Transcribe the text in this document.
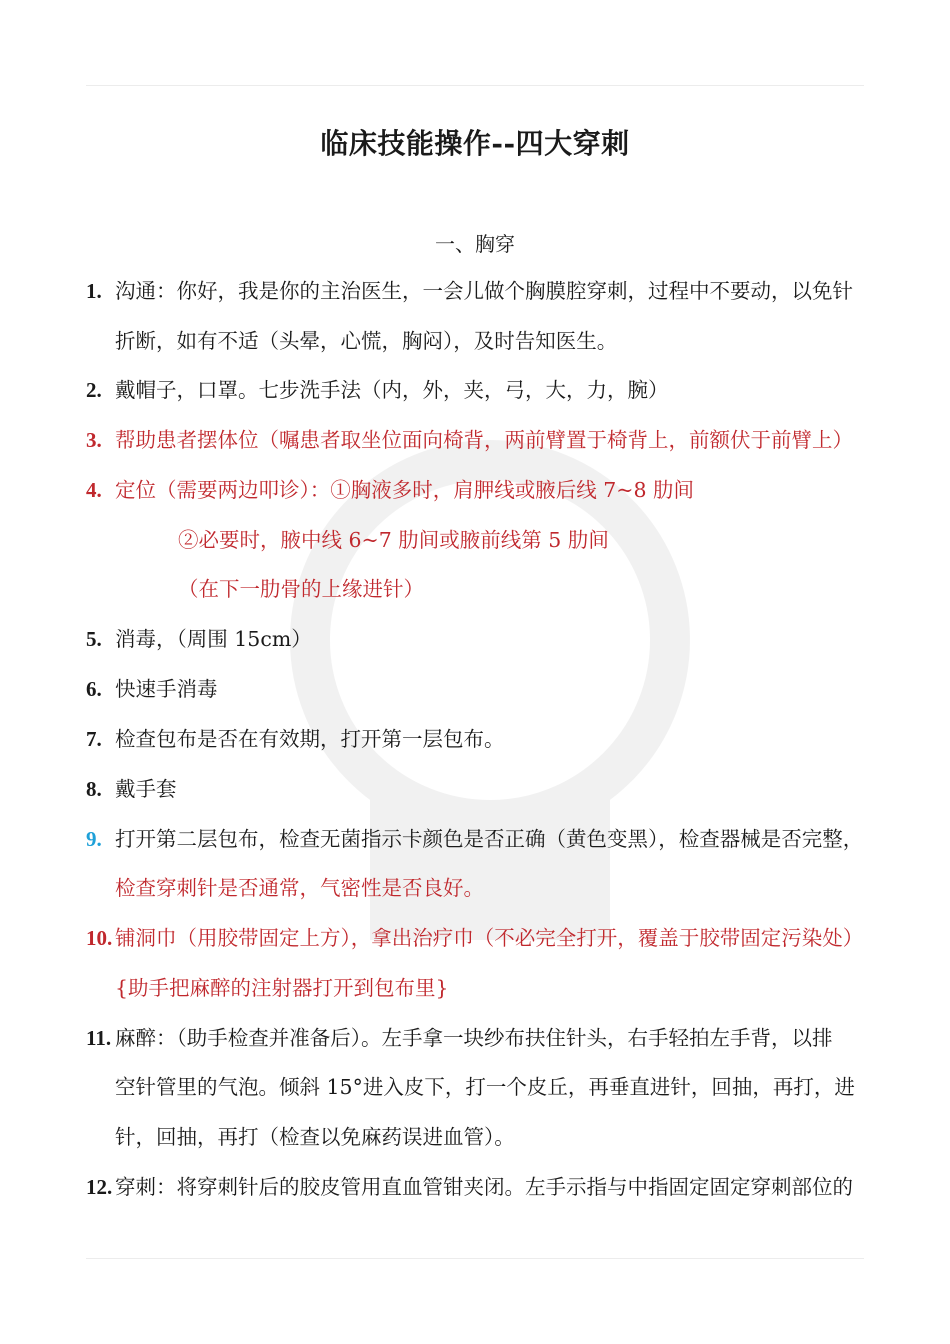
临床技能操作--四大穿刺
一、胸穿
1. 沟通：你好，我是你的主治医生，一会儿做个胸膜腔穿刺，过程中不要动，以免针
折断，如有不适（头晕，心慌，胸闷），及时告知医生。
2. 戴帽子，口罩。七步洗手法（内，外，夹，弓，大，力，腕）
3. 帮助患者摆体位（嘱患者取坐位面向椅背，两前臂置于椅背上，前额伏于前臂上）
4. 定位（需要两边叩诊）：①胸液多时，肩胛线或腋后线 7~8 肋间
②必要时，腋中线 6~7 肋间或腋前线第 5 肋间
（在下一肋骨的上缘进针）
5. 消毒，（周围 15cm）
6. 快速手消毒
7. 检查包布是否在有效期，打开第一层包布。
8. 戴手套
9. 打开第二层包布，检查无菌指示卡颜色是否正确（黄色变黑），检查器械是否完整，
检查穿刺针是否通常，气密性是否良好。
10. 铺洞巾（用胶带固定上方），拿出治疗巾（不必完全打开，覆盖于胶带固定污染处）
{助手把麻醉的注射器打开到包布里}
11. 麻醉：（助手检查并准备后）。左手拿一块纱布扶住针头，右手轻拍左手背，以排
空针管里的气泡。倾斜 15°进入皮下，打一个皮丘，再垂直进针，回抽，再打，进
针，回抽，再打（检查以免麻药误进血管）。
12. 穿刺：将穿刺针后的胶皮管用直血管钳夹闭。左手示指与中指固定固定穿刺部位的
